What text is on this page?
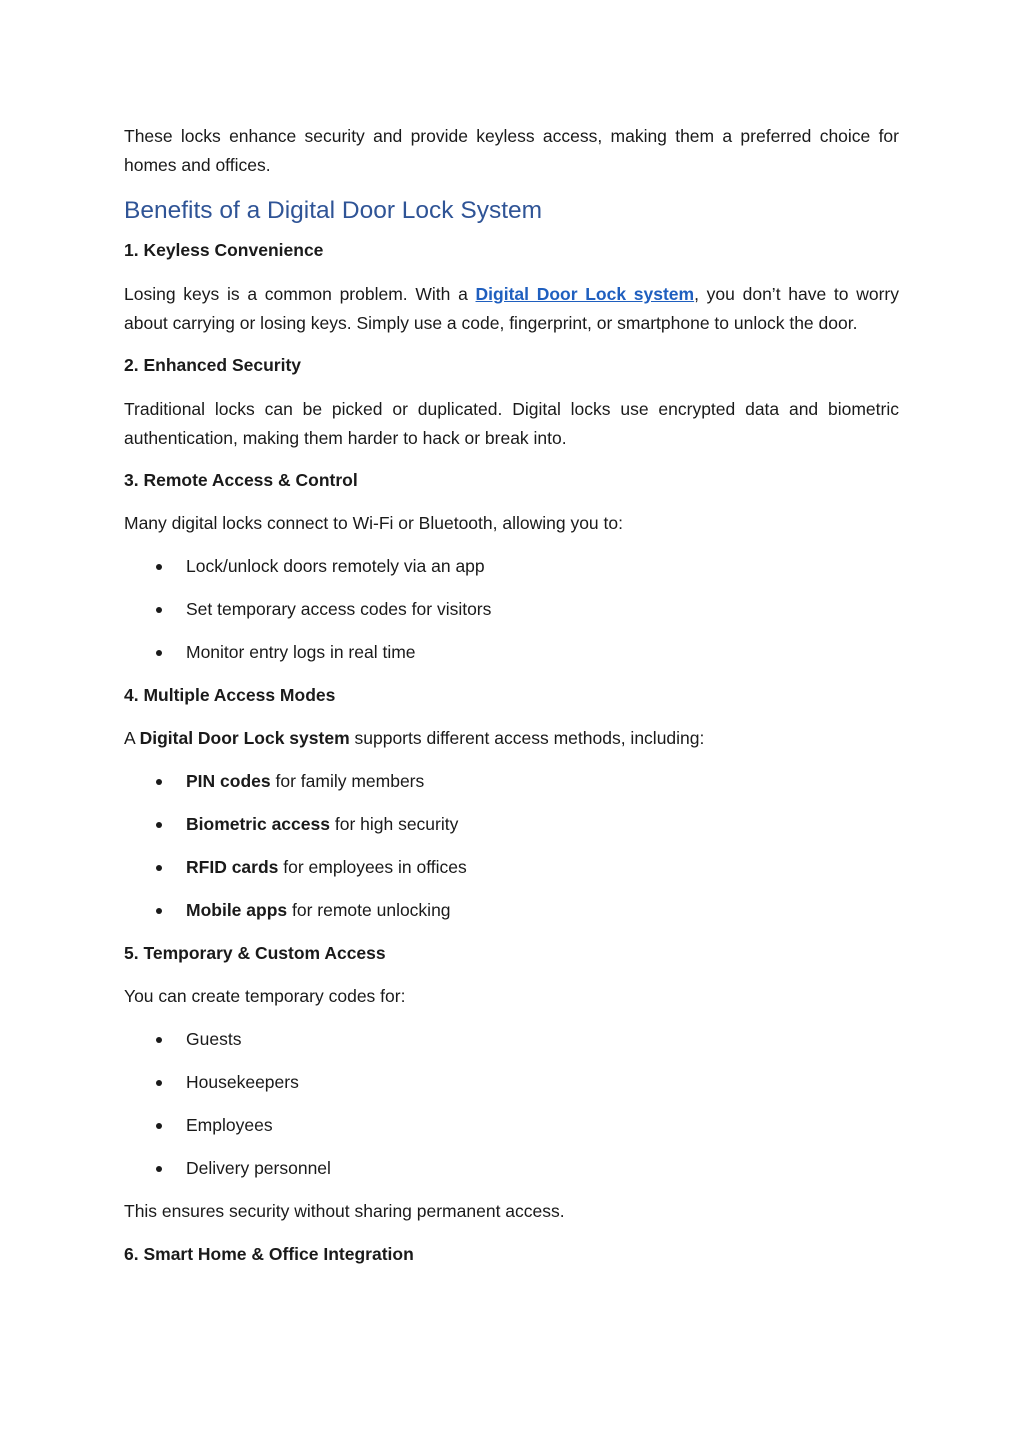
These locks enhance security and provide keyless access, making them a preferred choice for homes and offices.

Benefits of a Digital Door Lock System
1. Keyless Convenience

Losing keys is a common problem. With a Digital Door Lock system, you don’t have to worry about carrying or losing keys. Simply use a code, fingerprint, or smartphone to unlock the door.

2. Enhanced Security

Traditional locks can be picked or duplicated. Digital locks use encrypted data and biometric authentication, making them harder to hack or break into.

3. Remote Access & Control

Many digital locks connect to Wi-Fi or Bluetooth, allowing you to:

Lock/unlock doors remotely via an app
Set temporary access codes for visitors
Monitor entry logs in real time
4. Multiple Access Modes

A Digital Door Lock system supports different access methods, including:

PIN codes for family members
Biometric access for high security
RFID cards for employees in offices
Mobile apps for remote unlocking
5. Temporary & Custom Access

You can create temporary codes for:

Guests
Housekeepers
Employees
Delivery personnel

This ensures security without sharing permanent access.

6. Smart Home & Office Integration
